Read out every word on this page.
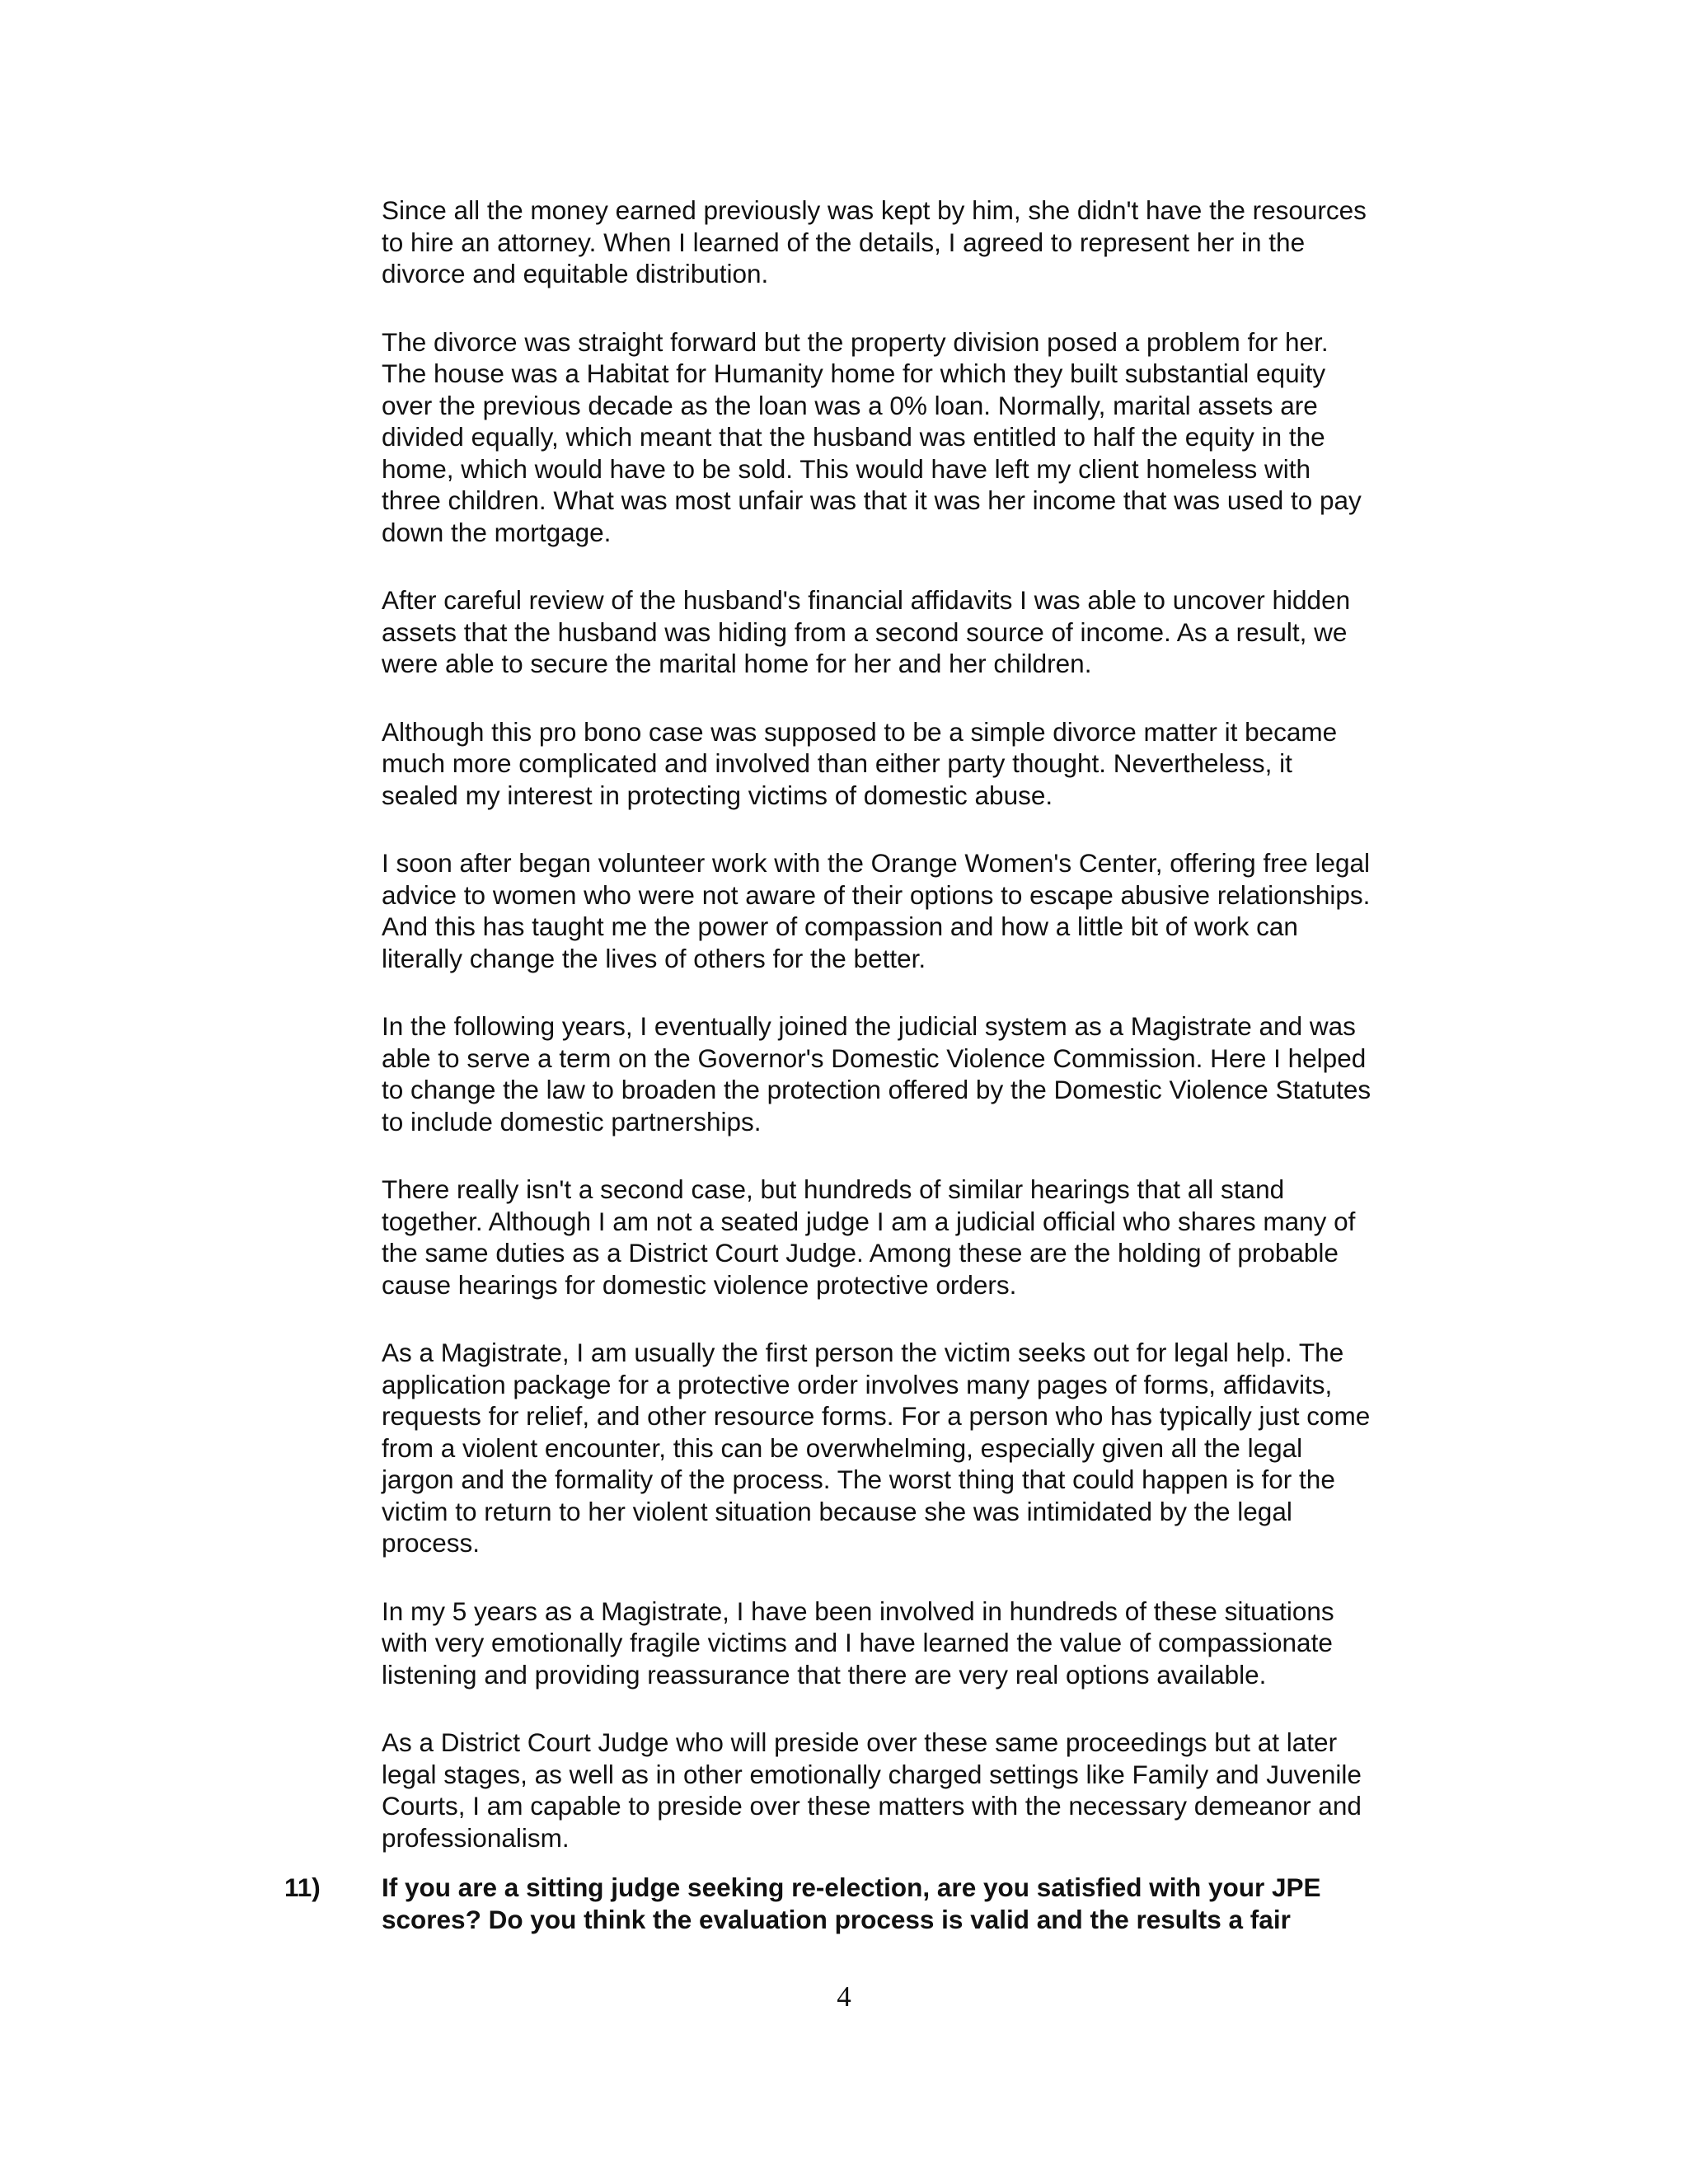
Since all the money earned previously was kept by him, she didn't have the resources
to hire an attorney. When I learned of the details, I agreed to represent her in the
divorce and equitable distribution.
The divorce was straight forward but the property division posed a problem for her.
The house was a Habitat for Humanity home for which they built substantial equity
over the previous decade as the loan was a 0% loan. Normally, marital assets are
divided equally, which meant that the husband was entitled to half the equity in the
home, which would have to be sold. This would have left my client homeless with
three children. What was most unfair was that it was her income that was used to pay
down the mortgage.
After careful review of the husband's financial affidavits I was able to uncover hidden
assets that the husband was hiding from a second source of income. As a result, we
were able to secure the marital home for her and her children.
Although this pro bono case was supposed to be a simple divorce matter it became
much more complicated and involved than either party thought. Nevertheless, it
sealed my interest in protecting victims of domestic abuse.
I soon after began volunteer work with the Orange Women's Center, offering free legal
advice to women who were not aware of their options to escape abusive relationships.
And this has taught me the power of compassion and how a little bit of work can
literally change the lives of others for the better.
In the following years, I eventually joined the judicial system as a Magistrate and was
able to serve a term on the Governor's Domestic Violence Commission. Here I helped
to change the law to broaden the protection offered by the Domestic Violence Statutes
to include domestic partnerships.
There really isn't a second case, but hundreds of similar hearings that all stand
together. Although I am not a seated judge I am a judicial official who shares many of
the same duties as a District Court Judge. Among these are the holding of probable
cause hearings for domestic violence protective orders.
As a Magistrate, I am usually the first person the victim seeks out for legal help. The
application package for a protective order involves many pages of forms, affidavits,
requests for relief, and other resource forms. For a person who has typically just come
from a violent encounter, this can be overwhelming, especially given all the legal
jargon and the formality of the process. The worst thing that could happen is for the
victim to return to her violent situation because she was intimidated by the legal
process.
In my 5 years as a Magistrate, I have been involved in hundreds of these situations
with very emotionally fragile victims and I have learned the value of compassionate
listening and providing reassurance that there are very real options available.
As a District Court Judge who will preside over these same proceedings but at later
legal stages, as well as in other emotionally charged settings like Family and Juvenile
Courts, I am capable to preside over these matters with the necessary demeanor and
professionalism.
11) If you are a sitting judge seeking re-election, are you satisfied with your JPE
scores? Do you think the evaluation process is valid and the results a fair
4
